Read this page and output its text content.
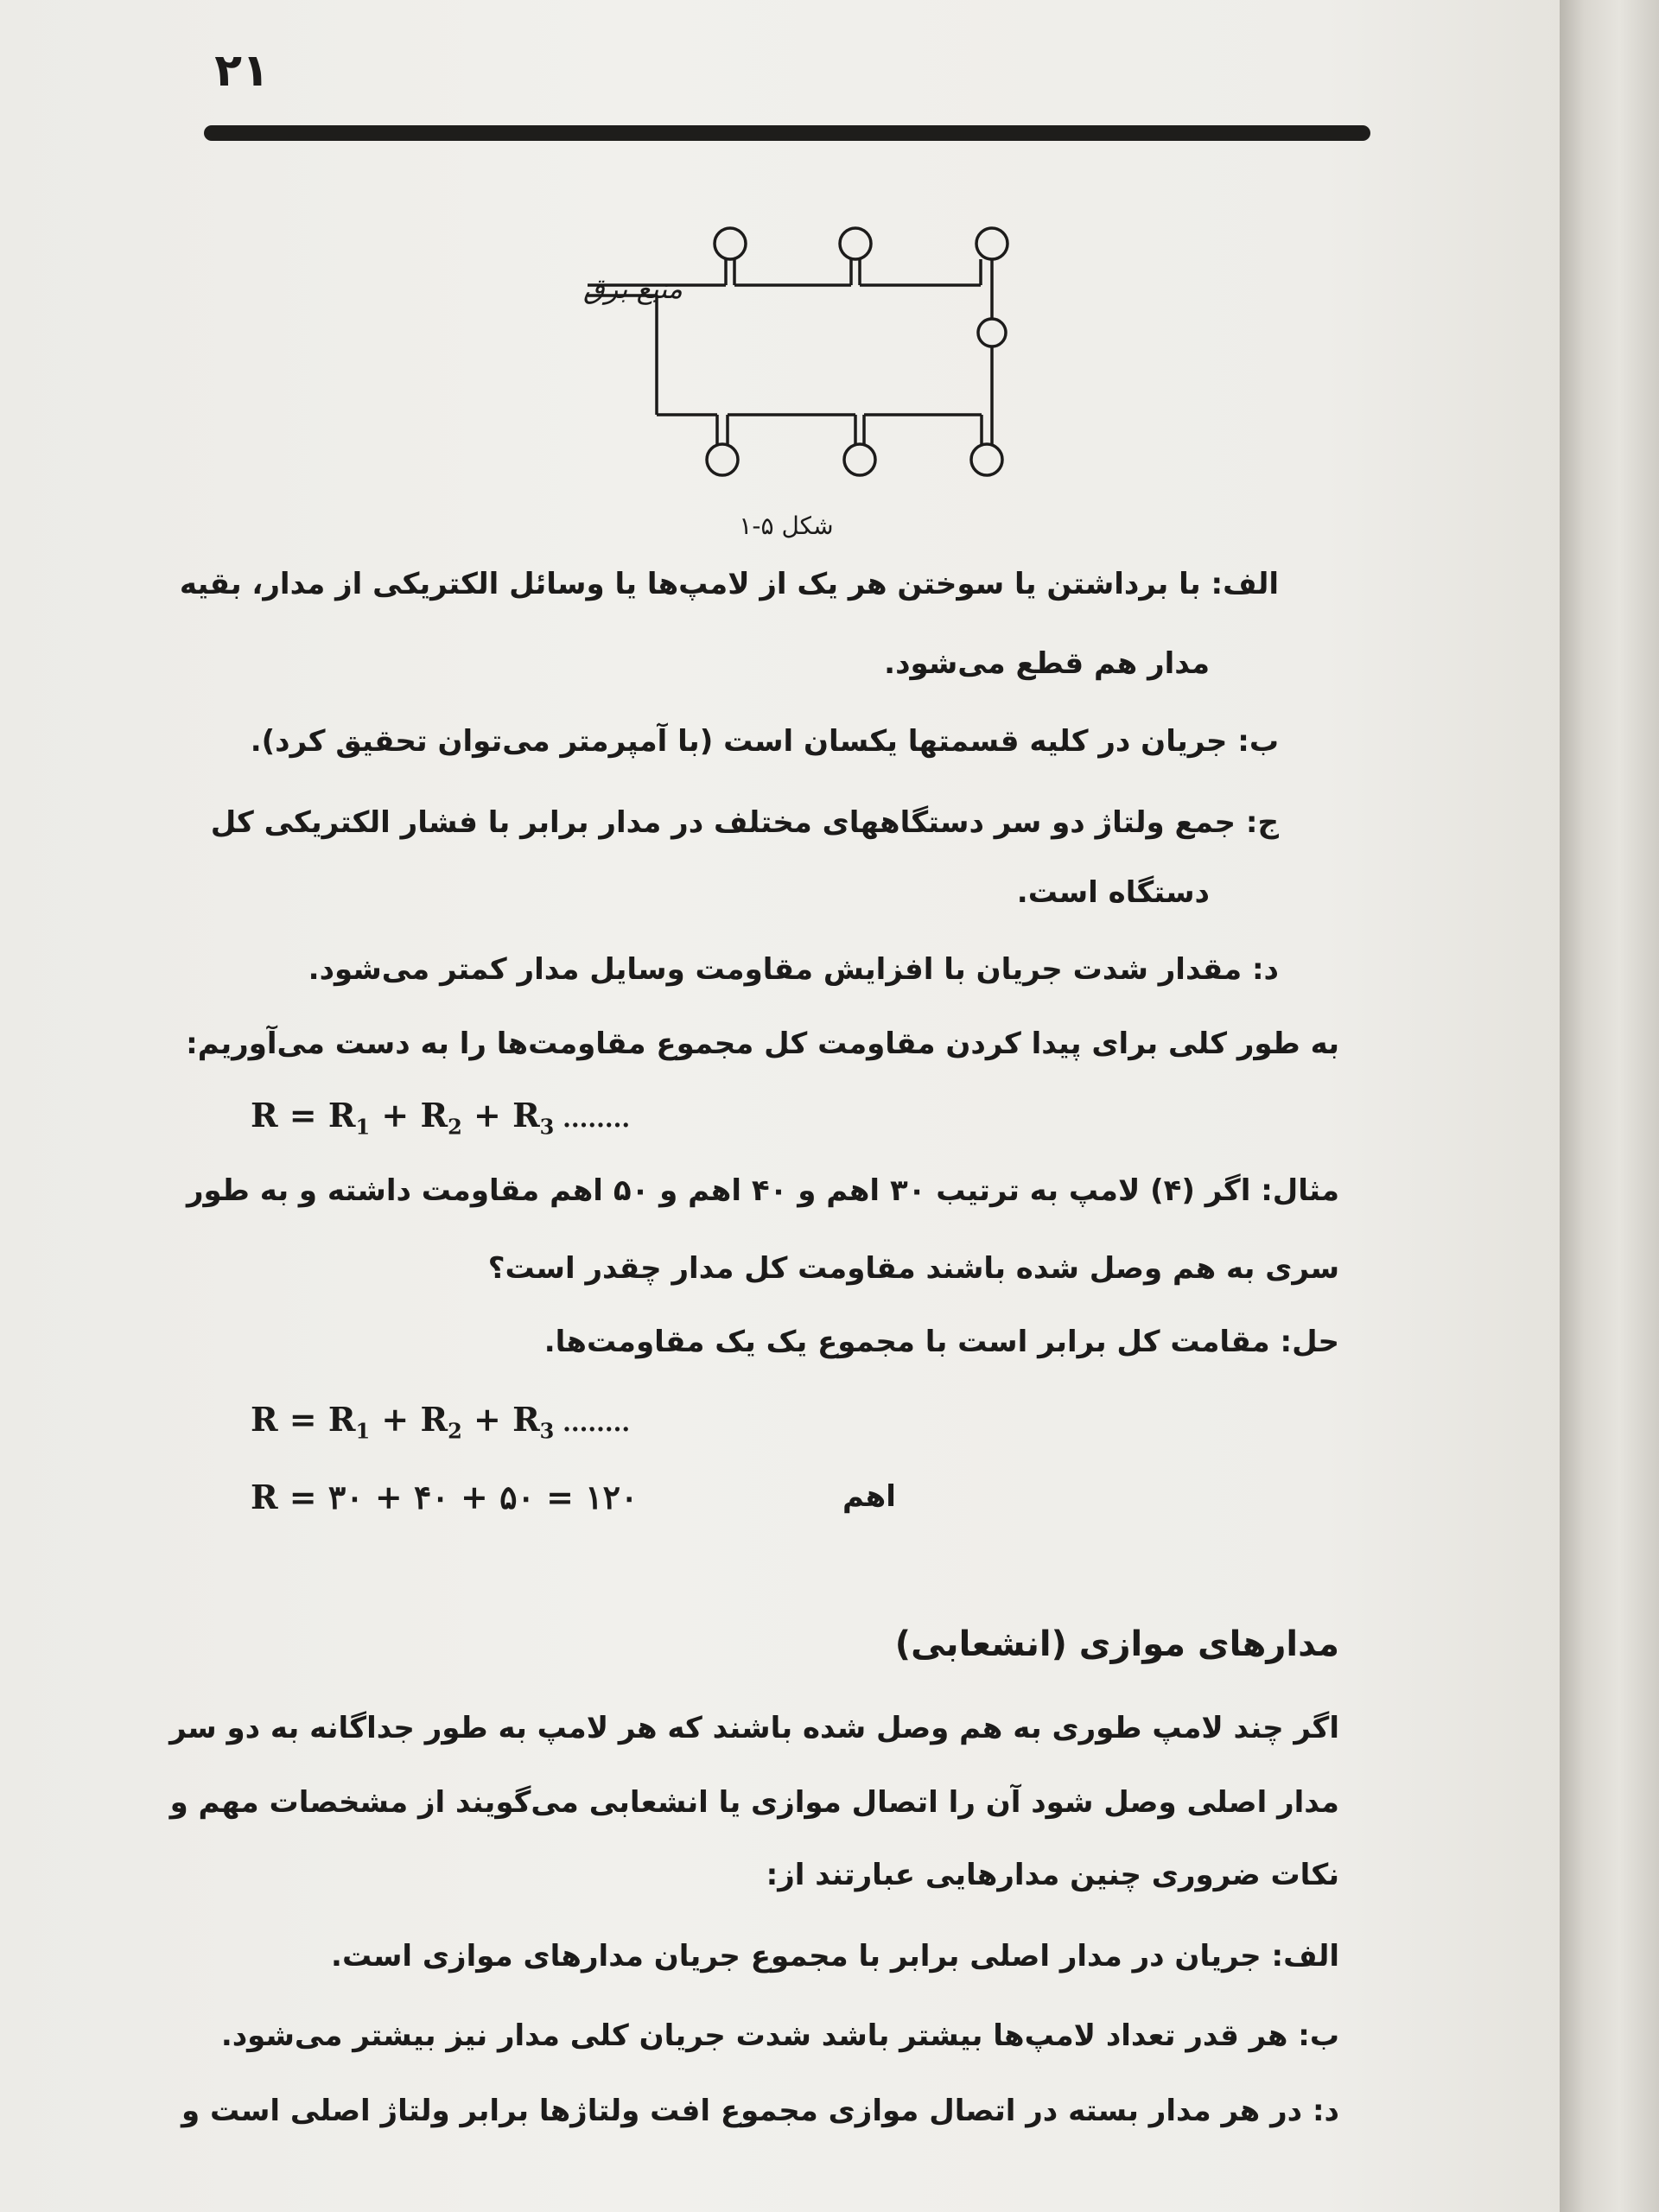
۲۱
منبع برق
شکل ۵-۱
الف: با برداشتن یا سوختن هر یک از لامپ‌ها یا وسائل الکتریکی از مدار، بقیه
مدار هم قطع می‌شود.
ب: جریان در کلیه قسمتها یکسان است (با آمپرمتر می‌توان تحقیق کرد).
ج: جمع ولتاژ دو سر دستگاههای مختلف در مدار برابر با فشار الکتریکی کل
دستگاه است.
د: مقدار شدت جریان با افزایش مقاومت وسایل مدار کمتر می‌شود.
به طور کلی برای پیدا کردن مقاومت کل مجموع مقاومت‌ها را به دست می‌آوریم:
$R = R_1 + R_2 + R_3$ ........
مثال: اگر (۴) لامپ به ترتیب ۳۰ اهم و ۴۰ اهم و ۵۰ اهم مقاومت داشته و به طور
سری به هم وصل شده باشند مقاومت کل مدار چقدر است؟
حل: مقامت کل برابر است با مجموع یک یک مقاومت‌ها.
$R = R_1 + R_2 + R_3$ ........
R = ۳۰ + ۴۰ + ۵۰ = ۱۲۰	اهم
مدارهای موازی (انشعابی)
اگر چند لامپ طوری به هم وصل شده باشند که هر لامپ به طور جداگانه به دو سر
مدار اصلی وصل شود آن را اتصال موازی یا انشعابی می‌گویند از مشخصات مهم و
نکات ضروری چنین مدارهایی عبارتند از:
الف: جریان در مدار اصلی برابر با مجموع جریان مدارهای موازی است.
ب: هر قدر تعداد لامپ‌ها بیشتر باشد شدت جریان کلی مدار نیز بیشتر می‌شود.
د: در هر مدار بسته در اتصال موازی مجموع افت ولتاژها برابر ولتاژ اصلی است و
